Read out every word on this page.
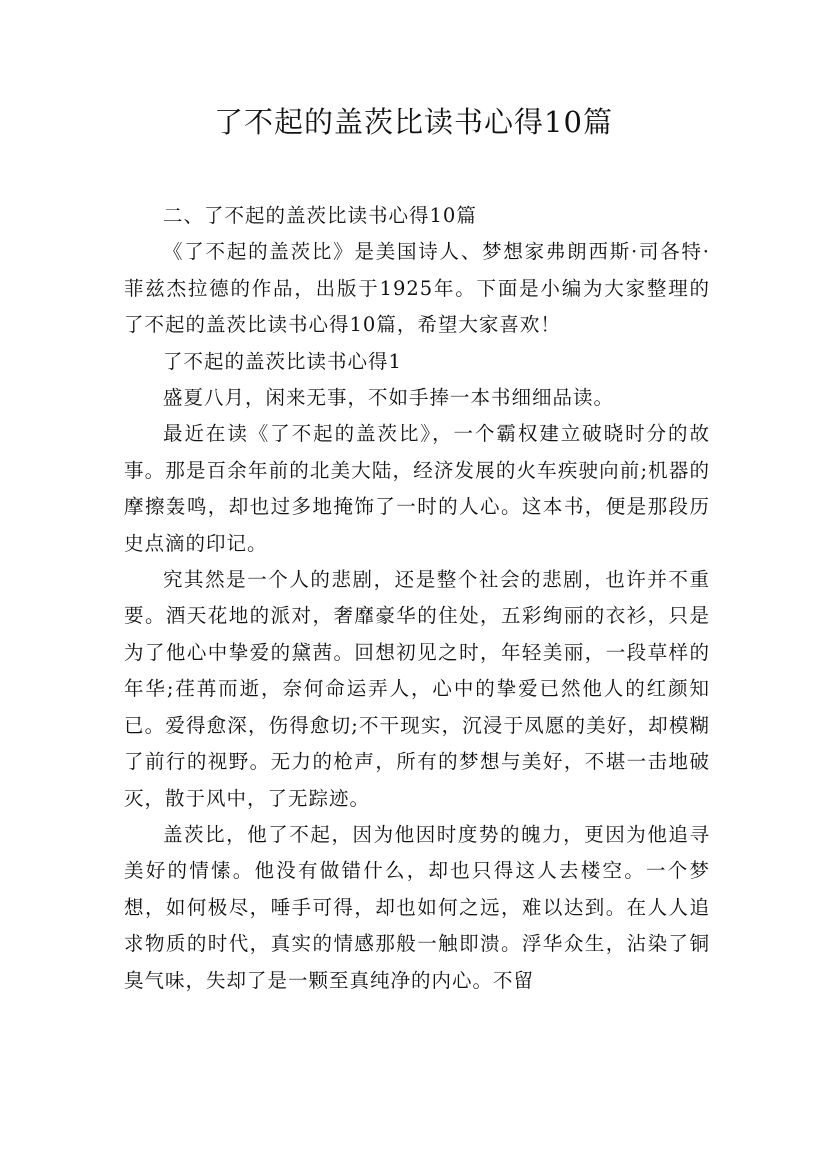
了不起的盖茨比读书心得10篇

二、了不起的盖茨比读书心得10篇

《了不起的盖茨比》是美国诗人、梦想家弗朗西斯·司各特·菲兹杰拉德的作品，出版于1925年。下面是小编为大家整理的了不起的盖茨比读书心得10篇，希望大家喜欢！

了不起的盖茨比读书心得1

盛夏八月，闲来无事，不如手捧一本书细细品读。

最近在读《了不起的盖茨比》，一个霸权建立破晓时分的故事。那是百余年前的北美大陆，经济发展的火车疾驶向前;机器的摩擦轰鸣，却也过多地掩饰了一时的人心。这本书，便是那段历史点滴的印记。

究其然是一个人的悲剧，还是整个社会的悲剧，也许并不重要。酒天花地的派对，奢靡豪华的住处，五彩绚丽的衣衫，只是为了他心中挚爱的黛茜。回想初见之时，年轻美丽，一段草样的年华;荏苒而逝，奈何命运弄人，心中的挚爱已然他人的红颜知已。爱得愈深，伤得愈切;不干现实，沉浸于凤愿的美好，却模糊了前行的视野。无力的枪声，所有的梦想与美好，不堪一击地破灭，散于风中，了无踪迹。

盖茨比，他了不起，因为他因时度势的魄力，更因为他追寻美好的情愫。他没有做错什么，却也只得这人去楼空。一个梦想，如何极尽，唾手可得，却也如何之远，难以达到。在人人追求物质的时代，真实的情感那般一触即溃。浮华众生，沾染了铜臭气味，失却了是一颗至真纯净的内心。不留
